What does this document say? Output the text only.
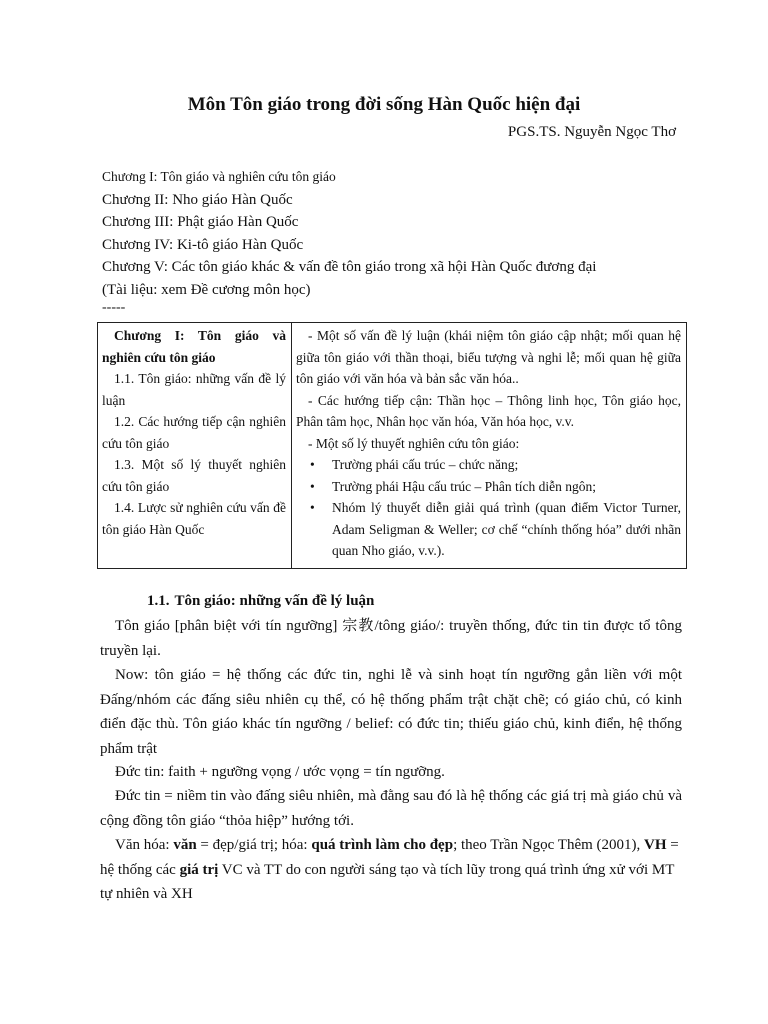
Môn Tôn giáo trong đời sống Hàn Quốc hiện đại
PGS.TS. Nguyễn Ngọc Thơ
Chương I: Tôn giáo và nghiên cứu tôn giáo
Chương II: Nho giáo Hàn Quốc
Chương III: Phật giáo Hàn Quốc
Chương IV: Ki-tô giáo Hàn Quốc
Chương V: Các tôn giáo khác & vấn đề tôn giáo trong xã hội Hàn Quốc đương đại
(Tài liệu: xem Đề cương môn học)
-----
Chương I: Tôn giáo và nghiên cứu tôn giáo
1.1. Tôn giáo: những vấn đề lý luận
1.2. Các hướng tiếp cận nghiên cứu tôn giáo
1.3. Một số lý thuyết nghiên cứu tôn giáo
1.4. Lược sử nghiên cứu vấn đề tôn giáo Hàn Quốc

- Một số vấn đề lý luận (khái niệm tôn giáo cập nhật; mối quan hệ giữa tôn giáo với thần thoại, biểu tượng và nghi lễ; mối quan hệ giữa tôn giáo với văn hóa và bản sắc văn hóa..
- Các hướng tiếp cận: Thần học – Thông linh học, Tôn giáo học, Phân tâm học, Nhân học văn hóa, Văn hóa học, v.v.
- Một số lý thuyết nghiên cứu tôn giáo:
•	Trường phái cấu trúc – chức năng;
•	Trường phái Hậu cấu trúc – Phân tích diễn ngôn;
•	Nhóm lý thuyết diễn giải quá trình (quan điểm Victor Turner, Adam Seligman & Weller; cơ chế “chính thống hóa” dưới nhãn quan Nho giáo, v.v.).
1.1. Tôn giáo: những vấn đề lý luận
Tôn giáo [phân biệt với tín ngưỡng] 宗教/tông giáo/: truyền thống, đức tin tin được tổ tông truyền lại.
Now: tôn giáo = hệ thống các đức tin, nghi lễ và sinh hoạt tín ngưỡng gắn liền với một Đấng/nhóm các đấng siêu nhiên cụ thể, có hệ thống phẩm trật chặt chẽ; có giáo chủ, có kinh điển đặc thù. Tôn giáo khác tín ngưỡng / belief: có đức tin; thiếu giáo chủ, kinh điển, hệ thống phẩm trật
Đức tin: faith + ngưỡng vọng / ước vọng = tín ngưỡng.
Đức tin = niềm tin vào đấng siêu nhiên, mà đằng sau đó là hệ thống các giá trị mà giáo chủ và cộng đồng tôn giáo “thỏa hiệp” hướng tới.
Văn hóa: văn = đẹp/giá trị; hóa: quá trình làm cho đẹp; theo Trần Ngọc Thêm (2001), VH = hệ thống các giá trị VC và TT do con người sáng tạo và tích lũy trong quá trình ứng xử với MT tự nhiên và XH
